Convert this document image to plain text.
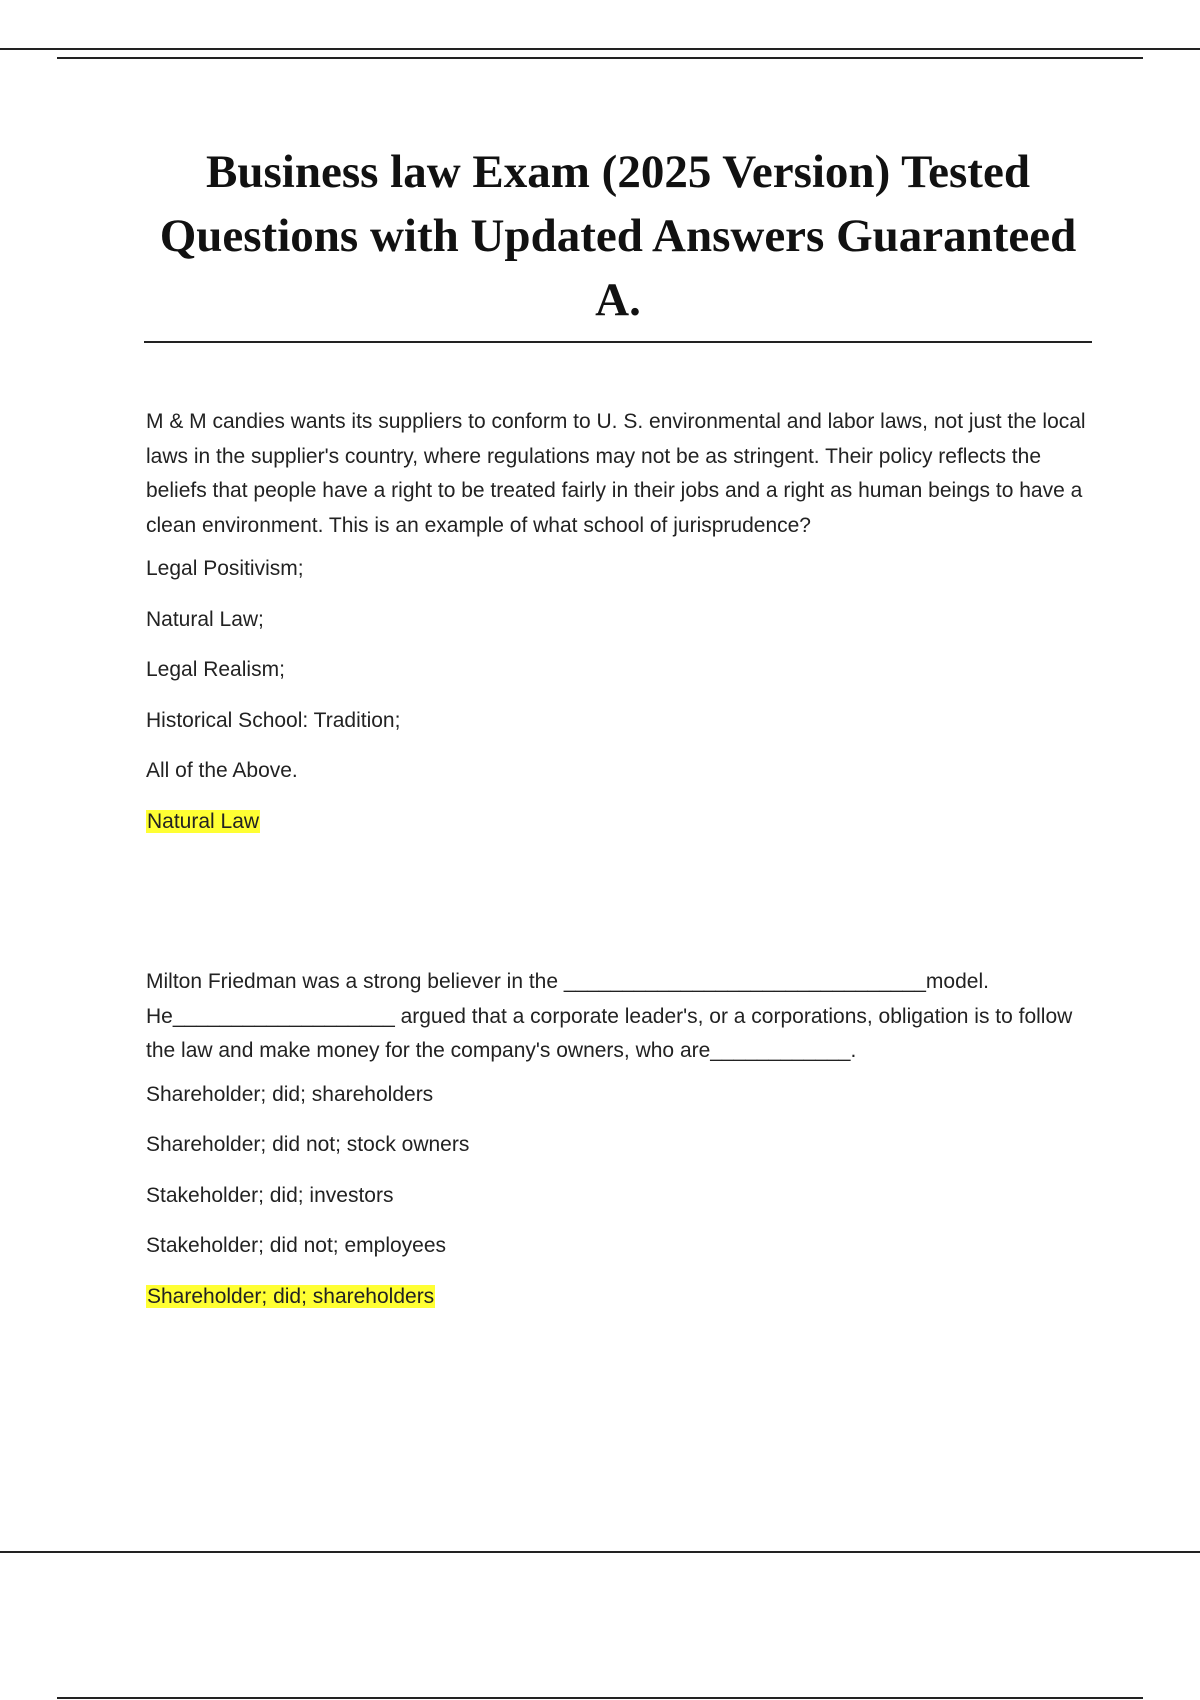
Business law Exam (2025 Version) Tested Questions with Updated Answers Guaranteed A.

M & M candies wants its suppliers to conform to U. S. environmental and labor laws, not just the local laws in the supplier's country, where regulations may not be as stringent. Their policy reflects the beliefs that people have a right to be treated fairly in their jobs and a right as human beings to have a clean environment. This is an example of what school of jurisprudence?

Legal Positivism;
Natural Law;
Legal Realism;
Historical School: Tradition;
All of the Above.

Natural Law

Milton Friedman was a strong believer in the _______________________________model. He___________________ argued that a corporate leader's, or a corporations, obligation is to follow the law and make money for the company's owners, who are____________.

Shareholder; did; shareholders
Shareholder; did not; stock owners
Stakeholder; did; investors
Stakeholder; did not; employees

Shareholder; did; shareholders
